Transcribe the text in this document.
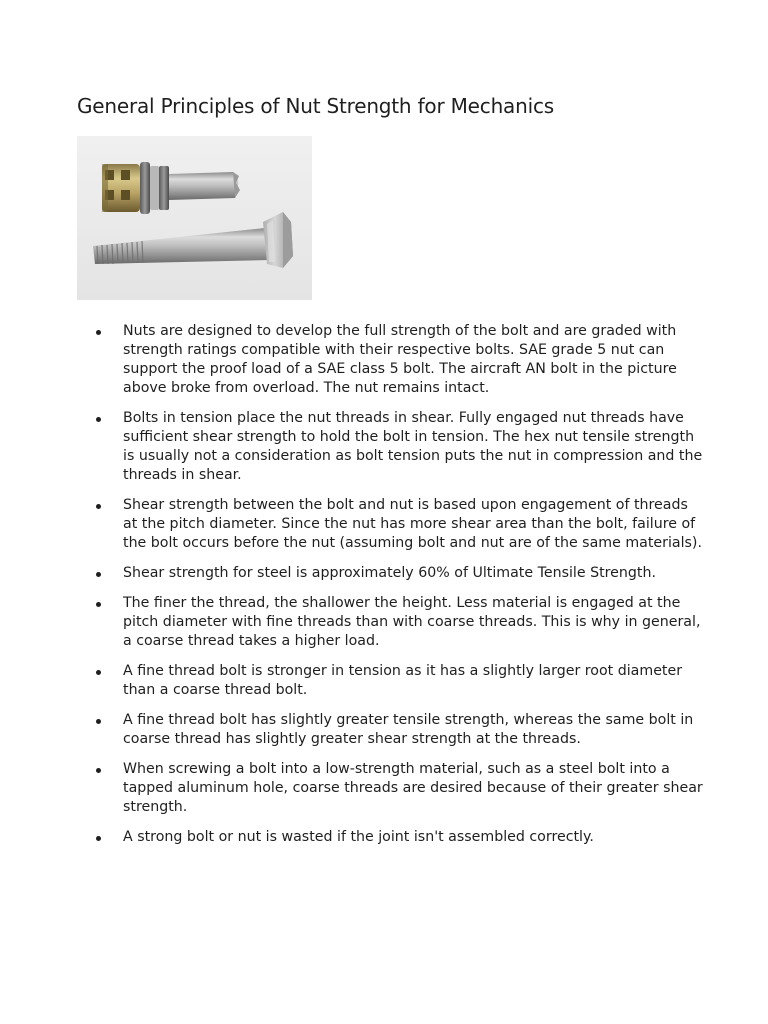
General Principles of Nut Strength for Mechanics
Nuts are designed to develop the full strength of the bolt and are graded with strength ratings compatible with their respective bolts. SAE grade 5 nut can support the proof load of a SAE class 5 bolt. The aircraft AN bolt in the picture above broke from overload. The nut remains intact.
Bolts in tension place the nut threads in shear. Fully engaged nut threads have sufficient shear strength to hold the bolt in tension. The hex nut tensile strength is usually not a consideration as bolt tension puts the nut in compression and the threads in shear.
Shear strength between the bolt and nut is based upon engagement of threads at the pitch diameter. Since the nut has more shear area than the bolt, failure of the bolt occurs before the nut (assuming bolt and nut are of the same materials).
Shear strength for steel is approximately 60% of Ultimate Tensile Strength.
The finer the thread, the shallower the height. Less material is engaged at the pitch diameter with fine threads than with coarse threads. This is why in general, a coarse thread takes a higher load.
A fine thread bolt is stronger in tension as it has a slightly larger root diameter than a coarse thread bolt.
A fine thread bolt has slightly greater tensile strength, whereas the same bolt in coarse thread has slightly greater shear strength at the threads.
When screwing a bolt into a low-strength material, such as a steel bolt into a tapped aluminum hole, coarse threads are desired because of their greater shear strength.
A strong bolt or nut is wasted if the joint isn't assembled correctly.
